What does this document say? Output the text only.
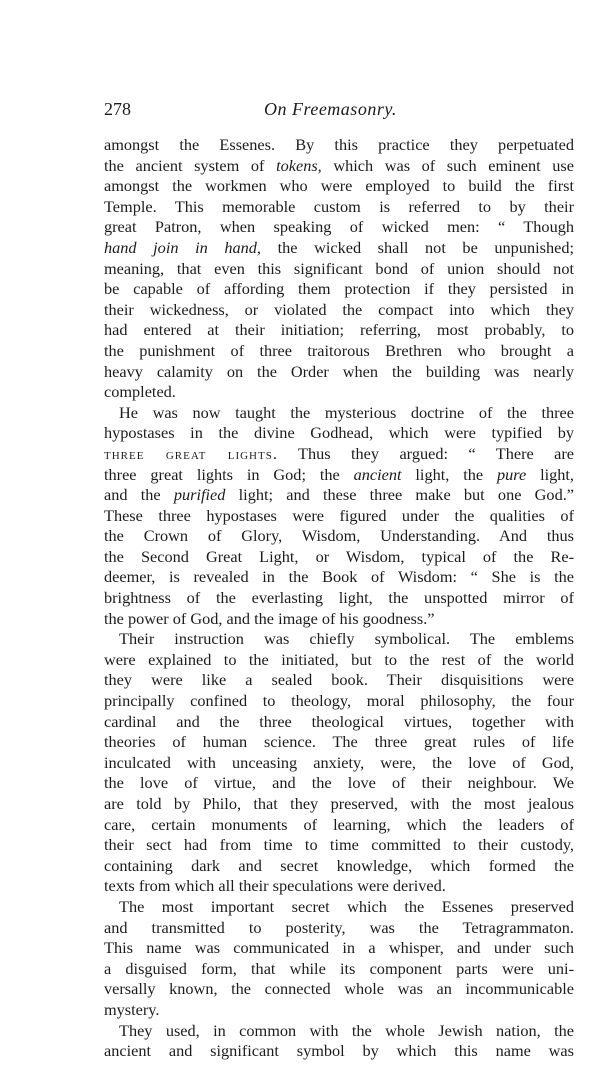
278	On Freemasonry.
amongst the Essenes. By this practice they perpetuated
the ancient system of tokens, which was of such eminent use
amongst the workmen who were employed to build the first
Temple. This memorable custom is referred to by their
great Patron, when speaking of wicked men: “ Though
hand join in hand, the wicked shall not be unpunished;
meaning, that even this significant bond of union should not
be capable of affording them protection if they persisted in
their wickedness, or violated the compact into which they
had entered at their initiation; referring, most probably, to
the punishment of three traitorous Brethren who brought a
heavy calamity on the Order when the building was nearly
completed.
He was now taught the mysterious doctrine of the three
hypostases in the divine Godhead, which were typified by
three great lights. Thus they argued: “ There are
three great lights in God; the ancient light, the pure light,
and the purified light; and these three make but one God.”
These three hypostases were figured under the qualities of
the Crown of Glory, Wisdom, Understanding. And thus
the Second Great Light, or Wisdom, typical of the Re-
deemer, is revealed in the Book of Wisdom: “ She is the
brightness of the everlasting light, the unspotted mirror of
the power of God, and the image of his goodness.”
Their instruction was chiefly symbolical. The emblems
were explained to the initiated, but to the rest of the world
they were like a sealed book. Their disquisitions were
principally confined to theology, moral philosophy, the four
cardinal and the three theological virtues, together with
theories of human science. The three great rules of life
inculcated with unceasing anxiety, were, the love of God,
the love of virtue, and the love of their neighbour. We
are told by Philo, that they preserved, with the most jealous
care, certain monuments of learning, which the leaders of
their sect had from time to time committed to their custody,
containing dark and secret knowledge, which formed the
texts from which all their speculations were derived.
The most important secret which the Essenes preserved
and transmitted to posterity, was the Tetragrammaton.
This name was communicated in a whisper, and under such
a disguised form, that while its component parts were uni-
versally known, the connected whole was an incommunicable
mystery.
They used, in common with the whole Jewish nation, the
ancient and significant symbol by which this name was
